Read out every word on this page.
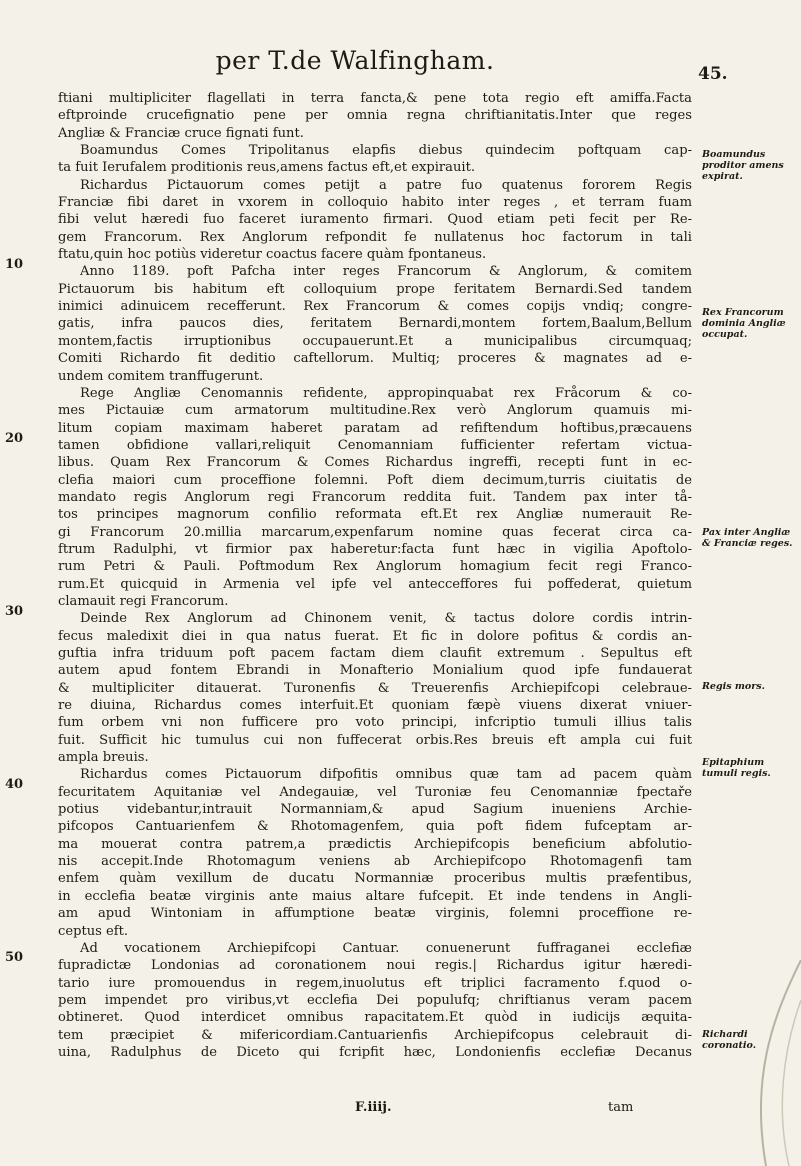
per T.de Walfingham.	45.
ftiani multipliciter flagellati in terra fancta,& pene tota regio eft amiffa.Facta
eftproinde crucefignatio pene per omnia regna chriftianitatis.Inter que reges
Angliæ & Franciæ cruce fignati funt.
Boamundus Comes Tripolitanus elapfis diebus quindecim poftquam cap-
ta fuit Ierufalem proditionis reus,amens factus eft,et expirauit.
Richardus Pictauorum comes petijt a patre fuo quatenus fororem Regis
Franciæ fibi daret in vxorem in colloquio habito inter reges , et terram fuam
fibi velut hæredi fuo faceret iuramento firmari. Quod etiam peti fecit per Re-
gem Francorum. Rex Anglorum refpondit fe nullatenus hoc factorum in tali
ftatu,quin hoc potiùs videretur coactus facere quàm fpontaneus.
Anno 1189. poft Pafcha inter reges Francorum & Anglorum, & comitem
Pictauorum bis habitum eft colloquium prope feritatem Bernardi.Sed tandem
inimici adinuicem recefferunt. Rex Francorum & comes copijs vndiq; congre-
gatis, infra paucos dies, feritatem Bernardi,montem fortem,Baalum,Bellum
montem,factis irruptionibus occupauerunt.Et a municipalibus circumquaq;
Comiti Richardo fit deditio caftellorum. Multiq; proceres & magnates ad e-
undem comitem tranffugerunt.
Rege Angliæ Cenomannis refidente, appropinquabat rex Fråcorum & co-
mes Pictauiæ cum armatorum multitudine.Rex verò Anglorum quamuis mi-
litum copiam maximam haberet paratam ad refiftendum hoftibus,præcauens
tamen obfidione vallari,reliquit Cenomanniam fufficienter refertam victua-
libus. Quam Rex Francorum & Comes Richardus ingreffi, recepti funt in ec-
clefia maiori cum proceffione folemni. Poft diem decimum,turris ciuitatis de
mandato regis Anglorum regi Francorum reddita fuit. Tandem pax inter tå-
tos principes magnorum confilio reformata eft.Et rex Angliæ numerauit Re-
gi Francorum 20.millia marcarum,expenfarum nomine quas fecerat circa ca-
ftrum Radulphi, vt firmior pax haberetur:facta funt hæc in vigilia Apoftolo-
rum Petri & Pauli. Poftmodum Rex Anglorum homagium fecit regi Franco-
rum.Et quicquid in Armenia vel ipfe vel antecceffores fui poffederat, quietum
clamauit regi Francorum.
Deinde Rex Anglorum ad Chinonem venit, & tactus dolore cordis intrin-
fecus maledixit diei in qua natus fuerat. Et fic in dolore pofitus & cordis an-
guftia infra triduum poft pacem factam diem claufit extremum . Sepultus eft
autem apud fontem Ebrandi in Monafterio Monialium quod ipfe fundauerat
& multipliciter ditauerat. Turonenfis & Treuerenfis Archiepifcopi celebraue-
re diuina, Richardus comes interfuit.Et quoniam fæpè viuens dixerat vniuer-
fum orbem vni non fufficere pro voto principi, infcriptio tumuli illius talis
fuit. Sufficit hic tumulus cui non fuffecerat orbis.Res breuis eft ampla cui fuit
ampla breuis.
Richardus comes Pictauorum difpofitis omnibus quæ tam ad pacem quàm
fecuritatem Aquitaniæ vel Andegauiæ, vel Turoniæ feu Cenomanniæ fpectaře
potius videbantur,intrauit Normanniam,& apud Sagium inueniens Archie-
pifcopos Cantuarienfem & Rhotomagenfem, quia poft fidem fufceptam ar-
ma mouerat contra patrem,a prædictis Archiepifcopis beneficium abfolutio-
nis accepit.Inde Rhotomagum veniens ab Archiepifcopo Rhotomagenfi tam
enfem quàm vexillum de ducatu Normanniæ proceribus multis præfentibus,
in ecclefia beatæ virginis ante maius altare fufcepit. Et inde tendens in Angli-
am apud Wintoniam in affumptione beatæ virginis, folemni proceffione re-
ceptus eft.
Ad vocationem Archiepifcopi Cantuar. conuenerunt fuffraganei ecclefiæ
fupradictæ Londonias ad coronationem noui regis.| Richardus igitur hæredi-
tario iure promouendus in regem,inuolutus eft triplici facramento f.quod o-
pem impendet pro viribus,vt ecclefia Dei populufq; chriftianus veram pacem
obtineret. Quod interdicet omnibus rapacitatem.Et quòd in iudicijs æquita-
tem præcipiet & mifericordiam.Cantuarienfis Archiepifcopus celebrauit di-
uina, Radulphus de Diceto qui fcripfit hæc, Londonienfis ecclefiæ Decanus
10
20
30
40
50
Boamundus proditor amens expirat.
Rex Francorum dominia Angliæ occupat.
Pax inter Angliæ & Franciæ reges.
Regis mors.
Epitaphium tumuli regis.
Richardi coronatio.
F.iiij.	tam
